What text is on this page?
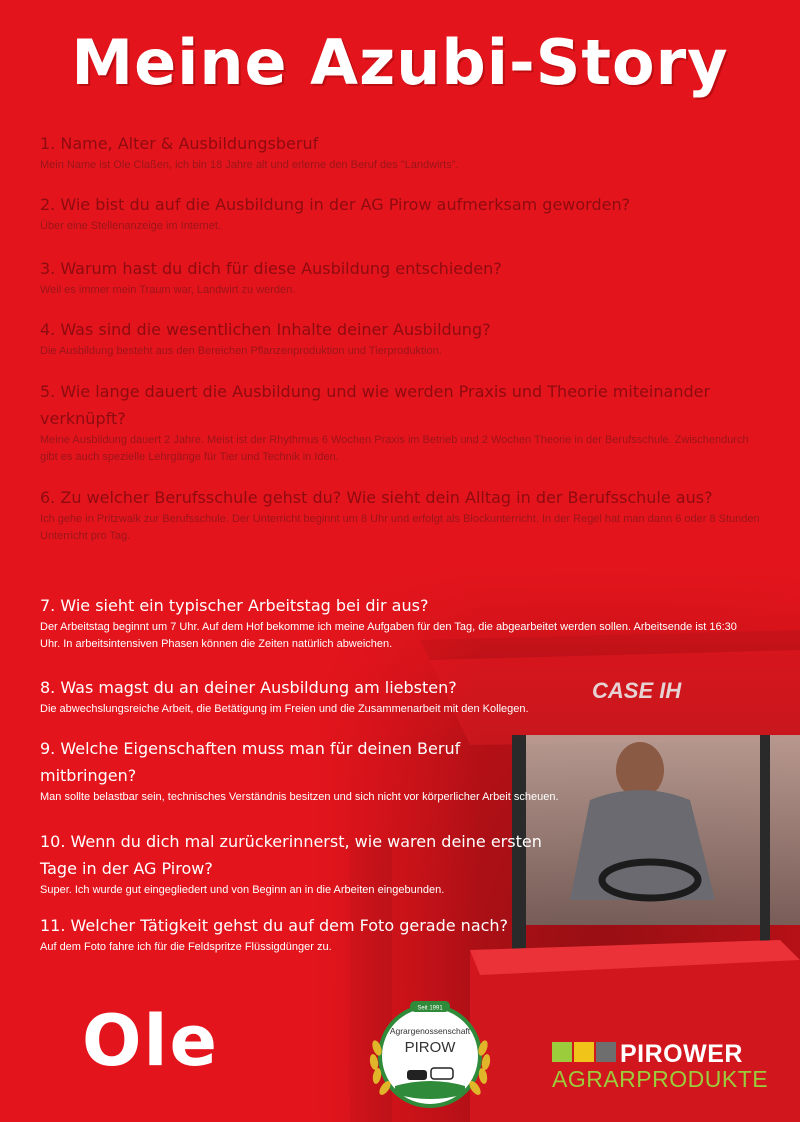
CASE IH
Meine Azubi-Story

1. Name, Alter & Ausbildungsberuf

Mein Name ist Ole Claßen, ich bin 18 Jahre alt und erlerne den Beruf des "Landwirts".

2. Wie bist du auf die Ausbildung in der AG Pirow aufmerksam geworden?

Über eine Stellenanzeige im Internet.

3. Warum hast du dich für diese Ausbildung entschieden?

Weil es immer mein Traum war, Landwirt zu werden.

4. Was sind die wesentlichen Inhalte deiner Ausbildung?

Die Ausbildung besteht aus den Bereichen Pflanzenproduktion und Tierproduktion.

5. Wie lange dauert die Ausbildung und wie werden Praxis und Theorie miteinander verknüpft?

Meine Ausbildung dauert 2 Jahre. Meist ist der Rhythmus 6 Wochen Praxis im Betrieb und 2 Wochen Theorie in der Berufsschule. Zwischendurch gibt es auch spezielle Lehrgänge für Tier und Technik in Iden.

6. Zu welcher Berufsschule gehst du? Wie sieht dein Alltag in der Berufsschule aus?

Ich gehe in Pritzwalk zur Berufsschule. Der Unterricht beginnt um 8 Uhr und erfolgt als Blockunterricht. In der Regel hat man dann 6 oder 8 Stunden Unterricht pro Tag.

7. Wie sieht ein typischer Arbeitstag bei dir aus?

Der Arbeitstag beginnt um 7 Uhr. Auf dem Hof bekomme ich meine Aufgaben für den Tag, die abgearbeitet werden sollen. Arbeitsende ist 16:30 Uhr. In arbeitsintensiven Phasen können die Zeiten natürlich abweichen.

8. Was magst du an deiner Ausbildung am liebsten?

Die abwechslungsreiche Arbeit, die Betätigung im Freien und die Zusammenarbeit mit den Kollegen.

9. Welche Eigenschaften muss man für deinen Beruf mitbringen?

Man sollte belastbar sein, technisches Verständnis besitzen und sich nicht vor körperlicher Arbeit scheuen.

10. Wenn du dich mal zurückerinnerst, wie waren deine ersten Tage in der AG Pirow?

Super. Ich wurde gut eingegliedert und von Beginn an in die Arbeiten eingebunden.

11. Welcher Tätigkeit gehst du auf dem Foto gerade nach?

Auf dem Foto fahre ich für die Feldspritze Flüssigdünger zu.

Ole	Seit 1991
Agrargenossenschaft
PIROW	PIROWER
AGRARPRODUKTE
